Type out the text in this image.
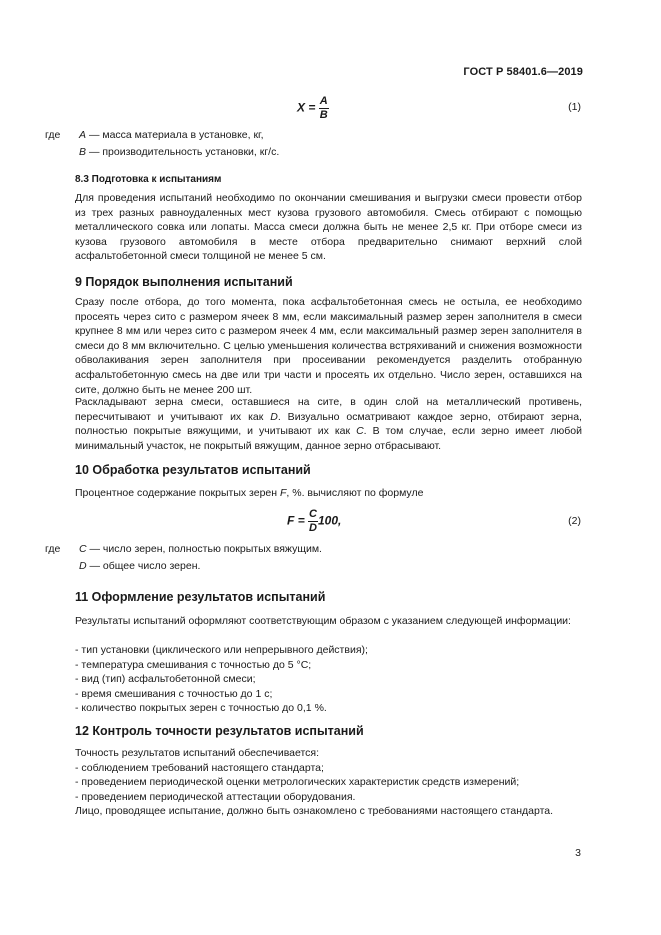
ГОСТ Р 58401.6—2019
$X = \frac{A}{B}$	(1)
где A — масса материала в установке, кг,
B — производительность установки, кг/с.
8.3 Подготовка к испытаниям
Для проведения испытаний необходимо по окончании смешивания и выгрузки смеси провести отбор из трех разных равноудаленных мест кузова грузового автомобиля. Смесь отбирают с помощью металлического совка или лопаты. Масса смеси должна быть не менее 2,5 кг. При отборе смеси из кузова грузового автомобиля в месте отбора предварительно снимают верхний слой асфальтобетонной смеси толщиной не менее 5 см.
9 Порядок выполнения испытаний
Сразу после отбора, до того момента, пока асфальтобетонная смесь не остыла, ее необходимо просеять через сито с размером ячеек 8 мм, если максимальный размер зерен заполнителя в смеси крупнее 8 мм или через сито с размером ячеек 4 мм, если максимальный размер зерен заполнителя в смеси до 8 мм включительно. С целью уменьшения количества встряхиваний и снижения возможности обволакивания зерен заполнителя при просеивании рекомендуется разделить отобранную асфальтобетонную смесь на две или три части и просеять их отдельно. Число зерен, оставшихся на сите, должно быть не менее 200 шт.
Раскладывают зерна смеси, оставшиеся на сите, в один слой на металлический противень, пересчитывают и учитывают их как D. Визуально осматривают каждое зерно, отбирают зерна, полностью покрытые вяжущими, и учитывают их как C. В том случае, если зерно имеет любой минимальный участок, не покрытый вяжущим, данное зерно отбрасывают.
10 Обработка результатов испытаний
Процентное содержание покрытых зерен F, %. вычисляют по формуле
$F = \frac{C}{D} 100$,	(2)
где C — число зерен, полностью покрытых вяжущим.
D — общее число зерен.
11 Оформление результатов испытаний
Результаты испытаний оформляют соответствующим образом с указанием следующей информации:
- тип установки (циклического или непрерывного действия);
- температура смешивания с точностью до 5 °С;
- вид (тип) асфальтобетонной смеси;
- время смешивания с точностью до 1 с;
- количество покрытых зерен с точностью до 0,1 %.
12 Контроль точности результатов испытаний
Точность результатов испытаний обеспечивается:
- соблюдением требований настоящего стандарта;
- проведением периодической оценки метрологических характеристик средств измерений;
- проведением периодической аттестации оборудования.
Лицо, проводящее испытание, должно быть ознакомлено с требованиями настоящего стандарта.
3
